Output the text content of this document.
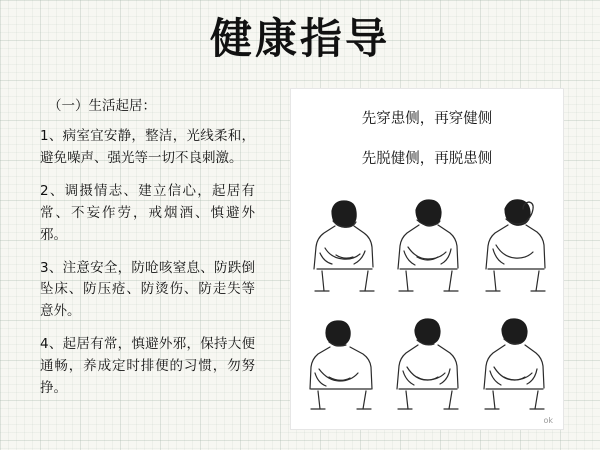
健康指导
（一）生活起居：

1、病室宜安静，整洁，光线柔和，避免噪声、强光等一切不良刺激。

2、调摄情志、建立信心，起居有常、不妄作劳，戒烟酒、慎避外邪。

3、注意安全，防呛咳窒息、防跌倒坠床、防压疮、防烫伤、防走失等意外。

4、起居有常，慎避外邪，保持大便通畅，养成定时排便的习惯，勿努挣。

先穿患侧，再穿健侧
先脱健侧，再脱患侧
ok
